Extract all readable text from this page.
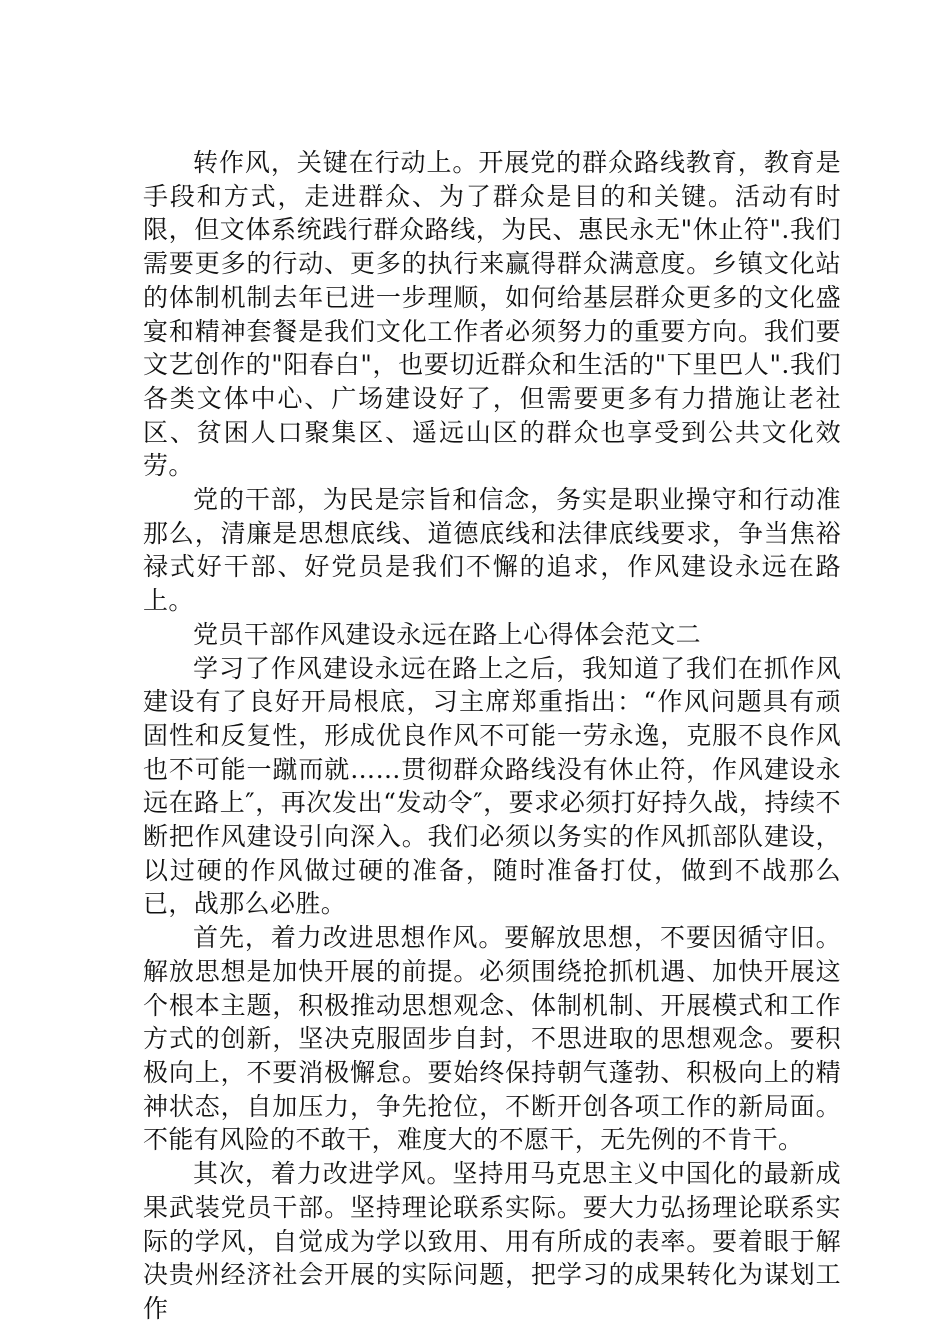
转作风，关键在行动上。开展党的群众路线教育，教育是手段和方式，走进群众、为了群众是目的和关键。活动有时限，但文体系统践行群众路线，为民、惠民永无"休止符".我们需要更多的行动、更多的执行来赢得群众满意度。乡镇文化站的体制机制去年已进一步理顺，如何给基层群众更多的文化盛宴和精神套餐是我们文化工作者必须努力的重要方向。我们要文艺创作的"阳春白"，也要切近群众和生活的"下里巴人".我们各类文体中心、广场建设好了，但需要更多有力措施让老社区、贫困人口聚集区、遥远山区的群众也享受到公共文化效劳。

党的干部，为民是宗旨和信念，务实是职业操守和行动准那么，清廉是思想底线、道德底线和法律底线要求，争当焦裕禄式好干部、好党员是我们不懈的追求，作风建设永远在路上。

党员干部作风建设永远在路上心得体会范文二

学习了作风建设永远在路上之后，我知道了我们在抓作风建设有了良好开局根底，习主席郑重指出：“作风问题具有顽固性和反复性，形成优良作风不可能一劳永逸，克服不良作风也不可能一蹴而就……贯彻群众路线没有休止符，作风建设永远在路上″，再次发出“发动令″，要求必须打好持久战，持续不断把作风建设引向深入。我们必须以务实的作风抓部队建设，以过硬的作风做过硬的准备，随时准备打仗，做到不战那么已，战那么必胜。

首先，着力改进思想作风。要解放思想，不要因循守旧。解放思想是加快开展的前提。必须围绕抢抓机遇、加快开展这个根本主题，积极推动思想观念、体制机制、开展模式和工作方式的创新，坚决克服固步自封，不思进取的思想观念。要积极向上，不要消极懈怠。要始终保持朝气蓬勃、积极向上的精神状态，自加压力，争先抢位，不断开创各项工作的新局面。不能有风险的不敢干，难度大的不愿干，无先例的不肯干。

其次，着力改进学风。坚持用马克思主义中国化的最新成果武装党员干部。坚持理论联系实际。要大力弘扬理论联系实际的学风，自觉成为学以致用、用有所成的表率。要着眼于解决贵州经济社会开展的实际问题，把学习的成果转化为谋划工作
